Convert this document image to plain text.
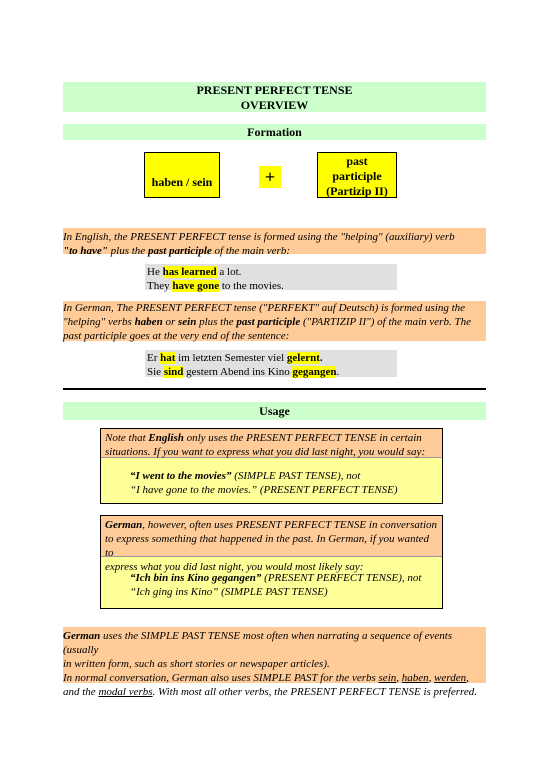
PRESENT PERFECT TENSE
OVERVIEW
Formation
haben / sein	+
past
participle
(Partizip II)
In English, the PRESENT PERFECT tense is formed using the "helping" (auxiliary) verb
"to have" plus the past participle of the main verb:
He has learned a lot.
They have gone to the movies.
In German, The PRESENT PERFECT tense ("PERFEKT" auf Deutsch) is formed using the
"helping" verbs haben or sein plus the past participle ("PARTIZIP II") of the main verb. The
past participle goes at the very end of the sentence:
Er hat im letzten Semester viel gelernt.
Sie sind gestern Abend ins Kino gegangen.
Usage
Note that English only uses the PRESENT PERFECT TENSE in certain
situations. If you want to express what you did last night, you would say:
“I went to the movies” (SIMPLE PAST TENSE), not
“I have gone to the movies.” (PRESENT PERFECT TENSE)
German, however, often uses PRESENT PERFECT TENSE in conversation
to express something that happened in the past. In German, if you wanted to
express what you did last night, you would most likely say:
“Ich bin ins Kino gegangen” (PRESENT PERFECT TENSE), not
“Ich ging ins Kino” (SIMPLE PAST TENSE)
German uses the SIMPLE PAST TENSE most often when narrating a sequence of events (usually
in written form, such as short stories or newspaper articles).
In normal conversation, German also uses SIMPLE PAST for the verbs sein, haben, werden,
and the modal verbs. With most all other verbs, the PRESENT PERFECT TENSE is preferred.
